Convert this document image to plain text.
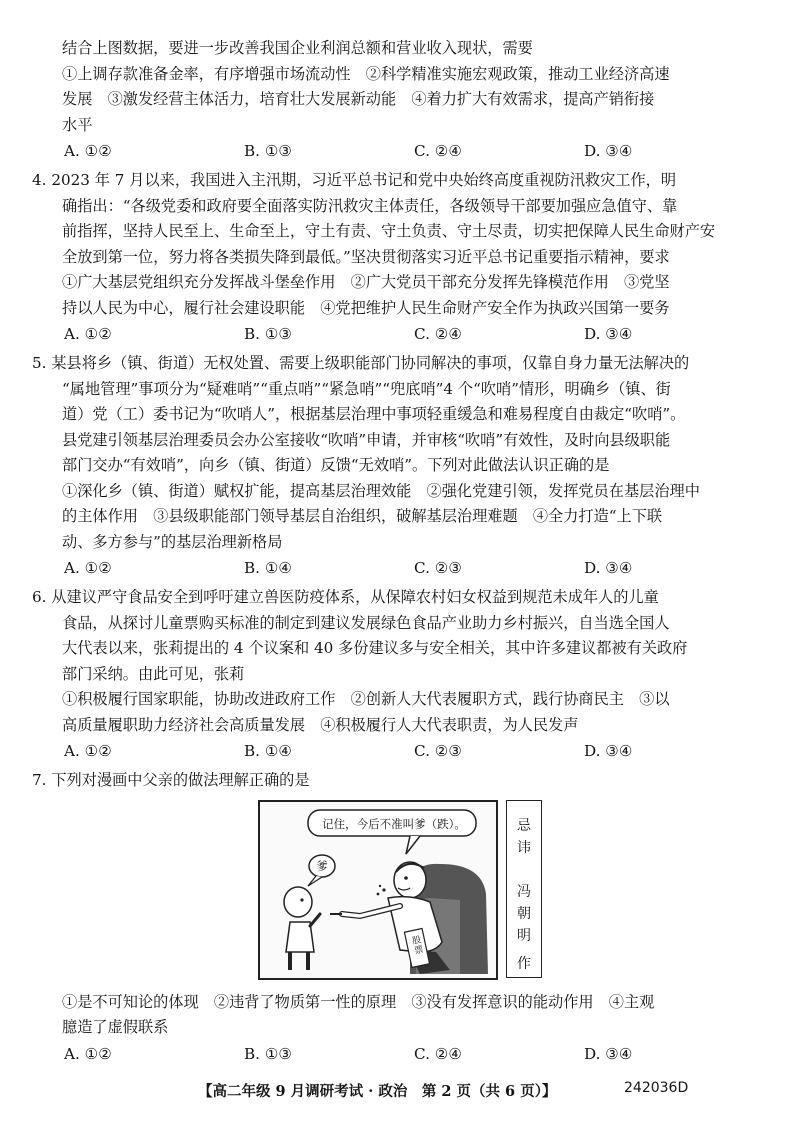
结合上图数据，要进一步改善我国企业利润总额和营业收入现状，需要
①上调存款准备金率，有序增强市场流动性　②科学精准实施宏观政策，推动工业经济高速
发展　③激发经营主体活力，培育壮大发展新动能　④着力扩大有效需求，提高产销衔接
水平
A. ①②	B. ①③	C. ②④	D. ③④
4. 2023 年 7 月以来，我国进入主汛期，习近平总书记和党中央始终高度重视防汛救灾工作，明
确指出：“各级党委和政府要全面落实防汛救灾主体责任，各级领导干部要加强应急值守、靠
前指挥，坚持人民至上、生命至上，守土有责、守土负责、守土尽责，切实把保障人民生命财产安
全放到第一位，努力将各类损失降到最低。”坚决贯彻落实习近平总书记重要指示精神，要求
①广大基层党组织充分发挥战斗堡垒作用　②广大党员干部充分发挥先锋模范作用　③党坚
持以人民为中心，履行社会建设职能　④党把维护人民生命财产安全作为执政兴国第一要务
A. ①②	B. ①③	C. ②④	D. ③④
5. 某县将乡（镇、街道）无权处置、需要上级职能部门协同解决的事项，仅靠自身力量无法解决的
“属地管理”事项分为“疑难哨”“重点哨”“紧急哨”“兜底哨”4 个“吹哨”情形，明确乡（镇、街
道）党（工）委书记为“吹哨人”，根据基层治理中事项轻重缓急和难易程度自由裁定“吹哨”。
县党建引领基层治理委员会办公室接收“吹哨”申请，并审核“吹哨”有效性，及时向县级职能
部门交办“有效哨”，向乡（镇、街道）反馈“无效哨”。下列对此做法认识正确的是
①深化乡（镇、街道）赋权扩能，提高基层治理效能　②强化党建引领，发挥党员在基层治理中
的主体作用　③县级职能部门领导基层自治组织，破解基层治理难题　④全力打造“上下联
动、多方参与”的基层治理新格局
A. ①②	B. ①④	C. ②③	D. ③④
6. 从建议严守食品安全到呼吁建立兽医防疫体系，从保障农村妇女权益到规范未成年人的儿童
食品，从探讨儿童票购买标准的制定到建议发展绿色食品产业助力乡村振兴，自当选全国人
大代表以来，张莉提出的 4 个议案和 40 多份建议多与安全相关，其中许多建议都被有关政府
部门采纳。由此可见，张莉
①积极履行国家职能，协助改进政府工作　②创新人大代表履职方式，践行协商民主　③以
高质量履职助力经济社会高质量发展　④积极履行人大代表职责，为人民发声
A. ①②	B. ①④	C. ②③	D. ③④
7. 下列对漫画中父亲的做法理解正确的是
记住，今后不准叫爹（跌）。
爹
股票
忌
讳
冯
朝
明
作
①是不可知论的体现　②违背了物质第一性的原理　③没有发挥意识的能动作用　④主观
臆造了虚假联系
A. ①②	B. ①③	C. ②④	D. ③④
【高二年级 9 月调研考试 · 政治　第 2 页（共 6 页）】	242036D
